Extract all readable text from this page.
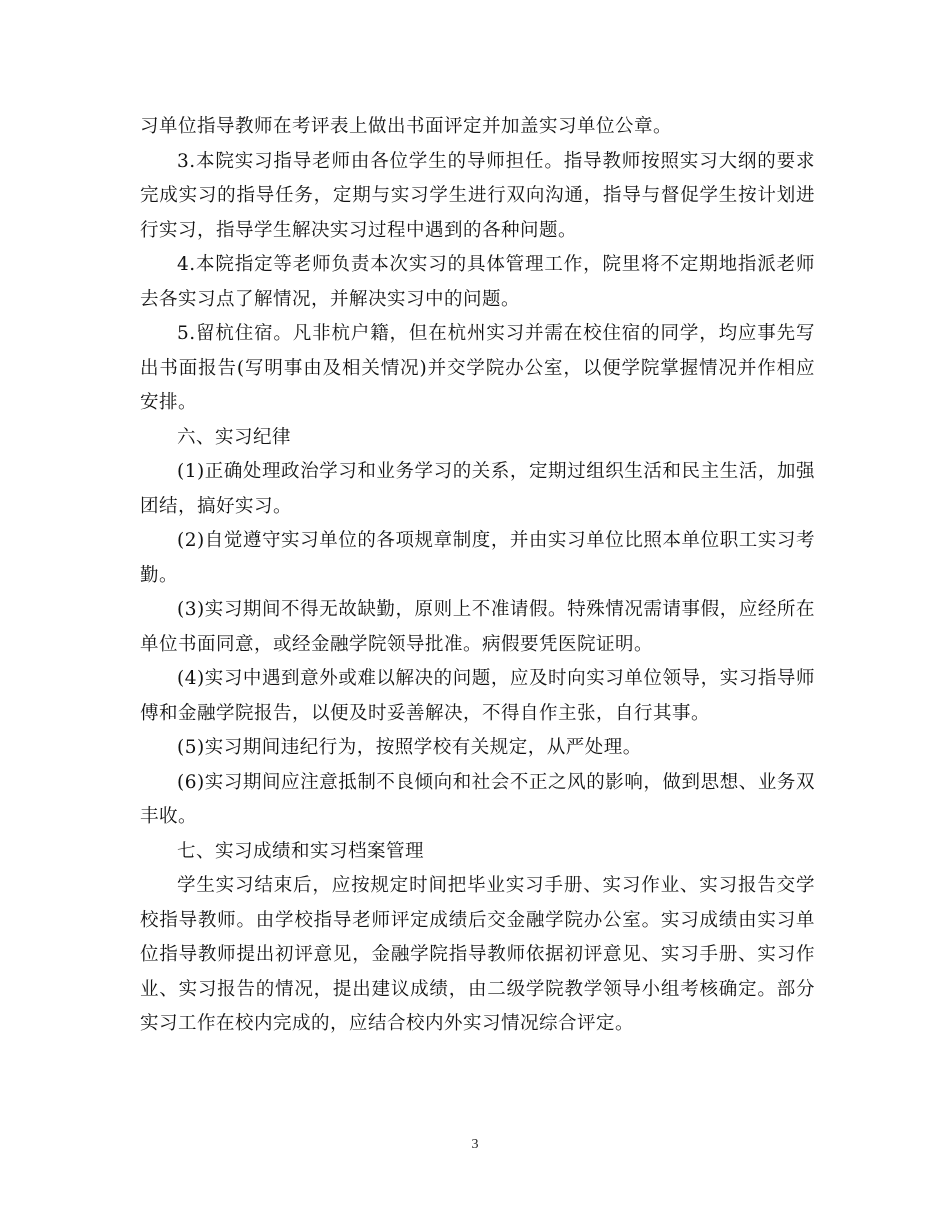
习单位指导教师在考评表上做出书面评定并加盖实习单位公章。

3.本院实习指导老师由各位学生的导师担任。指导教师按照实习大纲的要求完成实习的指导任务，定期与实习学生进行双向沟通，指导与督促学生按计划进行实习，指导学生解决实习过程中遇到的各种问题。

4.本院指定等老师负责本次实习的具体管理工作，院里将不定期地指派老师去各实习点了解情况，并解决实习中的问题。

5.留杭住宿。凡非杭户籍，但在杭州实习并需在校住宿的同学，均应事先写出书面报告(写明事由及相关情况)并交学院办公室，以便学院掌握情况并作相应安排。

六、实习纪律

(1)正确处理政治学习和业务学习的关系，定期过组织生活和民主生活，加强团结，搞好实习。

(2)自觉遵守实习单位的各项规章制度，并由实习单位比照本单位职工实习考勤。

(3)实习期间不得无故缺勤，原则上不准请假。特殊情况需请事假，应经所在单位书面同意，或经金融学院领导批准。病假要凭医院证明。

(4)实习中遇到意外或难以解决的问题，应及时向实习单位领导，实习指导师傅和金融学院报告，以便及时妥善解决，不得自作主张，自行其事。

(5)实习期间违纪行为，按照学校有关规定，从严处理。

(6)实习期间应注意抵制不良倾向和社会不正之风的影响，做到思想、业务双丰收。

七、实习成绩和实习档案管理

学生实习结束后，应按规定时间把毕业实习手册、实习作业、实习报告交学校指导教师。由学校指导老师评定成绩后交金融学院办公室。实习成绩由实习单位指导教师提出初评意见，金融学院指导教师依据初评意见、实习手册、实习作业、实习报告的情况，提出建议成绩，由二级学院教学领导小组考核确定。部分实习工作在校内完成的，应结合校内外实习情况综合评定。

3
